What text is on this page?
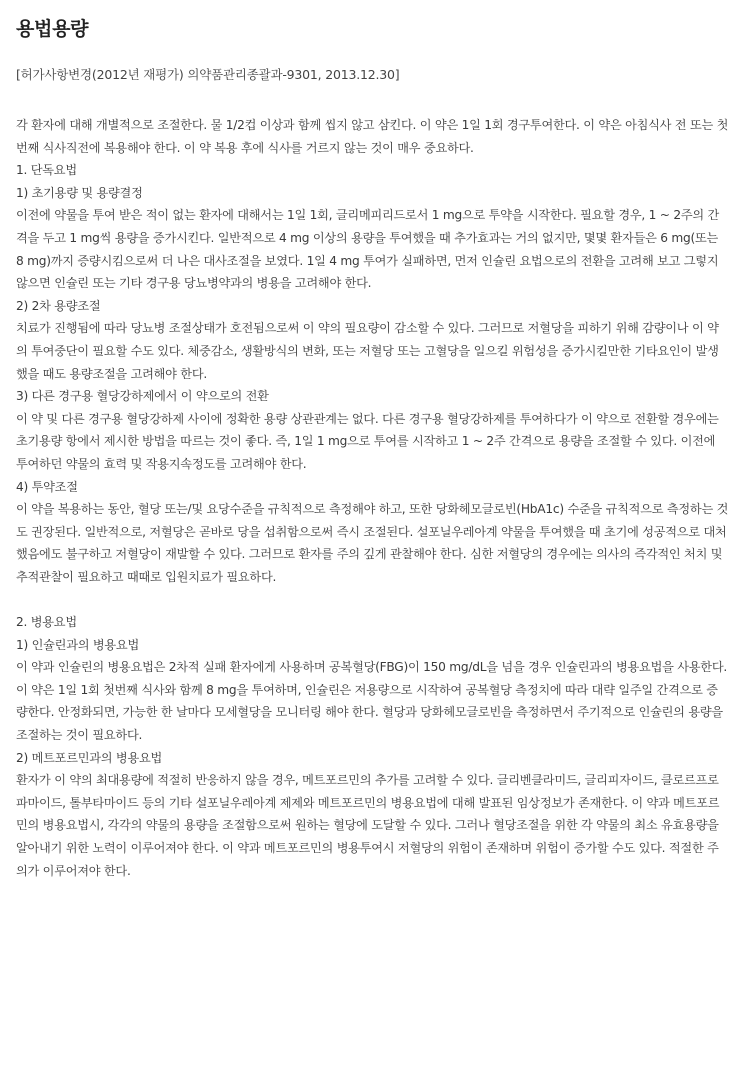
용법용량
[허가사항변경(2012년 재평가) 의약품관리종괄과-9301, 2013.12.30]

각 환자에 대해 개별적으로 조절한다. 물 1/2컵 이상과 함께 씹지 않고 삼킨다. 이 약은 1일 1회 경구투여한다. 이 약은 아침식사 전 또는 첫번째 식사직전에 복용해야 한다. 이 약 복용 후에 식사를 거르지 않는 것이 매우 중요하다.

1. 단독요법

1) 초기용량 및 용량결정

이전에 약물을 투여 받은 적이 없는 환자에 대해서는 1일 1회, 글리메피리드로서 1 mg으로 투약을 시작한다. 필요할 경우, 1 ~ 2주의 간격을 두고 1 mg씩 용량을 증가시킨다. 일반적으로 4 mg 이상의 용량을 투여했을 때 추가효과는 거의 없지만, 몇몇 환자들은 6 mg(또는 8 mg)까지 증량시킴으로써 더 나은 대사조절을 보였다. 1일 4 mg 투여가 실패하면, 먼저 인슐린 요법으로의 전환을 고려해 보고 그렇지 않으면 인슐린 또는 기타 경구용 당뇨병약과의 병용을 고려해야 한다.

2) 2차 용량조절

치료가 진행됨에 따라 당뇨병 조절상태가 호전됨으로써 이 약의 필요량이 감소할 수 있다. 그러므로 저혈당을 피하기 위해 감량이나 이 약의 투여중단이 필요할 수도 있다. 체중감소, 생활방식의 변화, 또는 저혈당 또는 고혈당을 일으킬 위험성을 증가시킬만한 기타요인이 발생했을 때도 용량조절을 고려해야 한다.

3) 다른 경구용 혈당강하제에서 이 약으로의 전환

이 약 및 다른 경구용 혈당강하제 사이에 정확한 용량 상관관계는 없다. 다른 경구용 혈당강하제를 투여하다가 이 약으로 전환할 경우에는 초기용량 항에서 제시한 방법을 따르는 것이 좋다. 즉, 1일 1 mg으로 투여를 시작하고 1 ~ 2주 간격으로 용량을 조절할 수 있다. 이전에 투여하던 약물의 효력 및 작용지속정도를 고려해야 한다.

4) 투약조절

이 약을 복용하는 동안, 혈당 또는/및 요당수준을 규칙적으로 측정해야 하고, 또한 당화헤모글로빈(HbA1c) 수준을 규칙적으로 측정하는 것도 권장된다. 일반적으로, 저혈당은 곧바로 당을 섭취함으로써 즉시 조절된다. 설포닐우레아계 약물을 투여했을 때 초기에 성공적으로 대처했음에도 불구하고 저혈당이 재발할 수 있다. 그러므로 환자를 주의 깊게 관찰해야 한다. 심한 저혈당의 경우에는 의사의 즉각적인 처치 및 추적관찰이 필요하고 때때로 입원치료가 필요하다.

2. 병용요법

1) 인슐린과의 병용요법

이 약과 인슐린의 병용요법은 2차적 실패 환자에게 사용하며 공복혈당(FBG)이 150 mg/dL을 넘을 경우 인슐린과의 병용요법을 사용한다. 이 약은 1일 1회 첫번째 식사와 함께 8 mg을 투여하며, 인슐린은 저용량으로 시작하여 공복혈당 측정치에 따라 대략 일주일 간격으로 증량한다. 안정화되면, 가능한 한 날마다 모세혈당을 모니터링 해야 한다. 혈당과 당화헤모글로빈을 측정하면서 주기적으로 인슐린의 용량을 조절하는 것이 필요하다.

2) 메트포르민과의 병용요법

환자가 이 약의 최대용량에 적절히 반응하지 않을 경우, 메트포르민의 추가를 고려할 수 있다. 글리벤클라미드, 글리피자이드, 클로르프로파마이드, 톨부타마이드 등의 기타 설포닐우레아계 제제와 메트포르민의 병용요법에 대해 발표된 임상정보가 존재한다. 이 약과 메트포르민의 병용요법시, 각각의 약물의 용량을 조절함으로써 원하는 혈당에 도달할 수 있다. 그러나 혈당조절을 위한 각 약물의 최소 유효용량을 알아내기 위한 노력이 이루어져야 한다. 이 약과 메트포르민의 병용투여시 저혈당의 위험이 존재하며 위험이 증가할 수도 있다. 적절한 주의가 이루어져야 한다.
